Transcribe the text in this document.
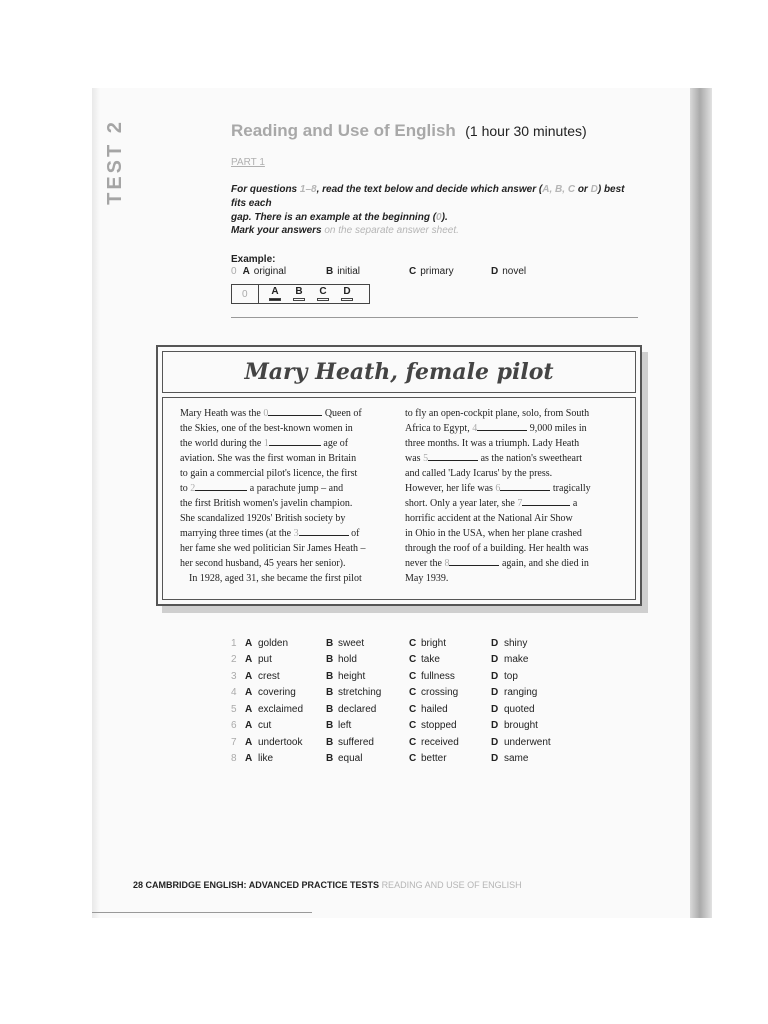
TEST 2	Reading and Use of English (1 hour 30 minutes)
PART 1
For questions 1–8, read the text below and decide which answer (A, B, C or D) best fits each
gap. There is an example at the beginning (0).
Mark your answers on the separate answer sheet.
Example:
0 A original	B initial	C primary	D novel
0 A B C D
Mary Heath, female pilot
Mary Heath was the 0	Queen of
the Skies, one of the best-known women in
the world during the 1	age of
aviation. She was the first woman in Britain
to gain a commercial pilot's licence, the first
to 2	a parachute jump – and
the first British women's javelin champion.
She scandalized 1920s' British society by
marrying three times (at the 3	of
her fame she wed politician Sir James Heath –
her second husband, 45 years her senior).
In 1928, aged 31, she became the first pilot
to fly an open-cockpit plane, solo, from South
Africa to Egypt, 4	9,000 miles in
three months. It was a triumph. Lady Heath
was 5	as the nation's sweetheart
and called 'Lady Icarus' by the press.
However, her life was 6	tragically
short. Only a year later, she 7	a
horrific accident at the National Air Show
in Ohio in the USA, when her plane crashed
through the roof of a building. Her health was
never the 8	again, and she died in
May 1939.
1 A golden	B sweet	C bright	D shiny
2 A put	B hold	C take	D make
3 A crest	B height	C fullness	D top
4 A covering	B stretching	C crossing	D ranging
5 A exclaimed B declared	C hailed	D quoted
6 A cut	B left	C stopped	D brought
7 A undertook B suffered	C received	D underwent
8 A like	B equal	C better	D same
28 CAMBRIDGE ENGLISH: ADVANCED PRACTICE TESTS READING AND USE OF ENGLISH
